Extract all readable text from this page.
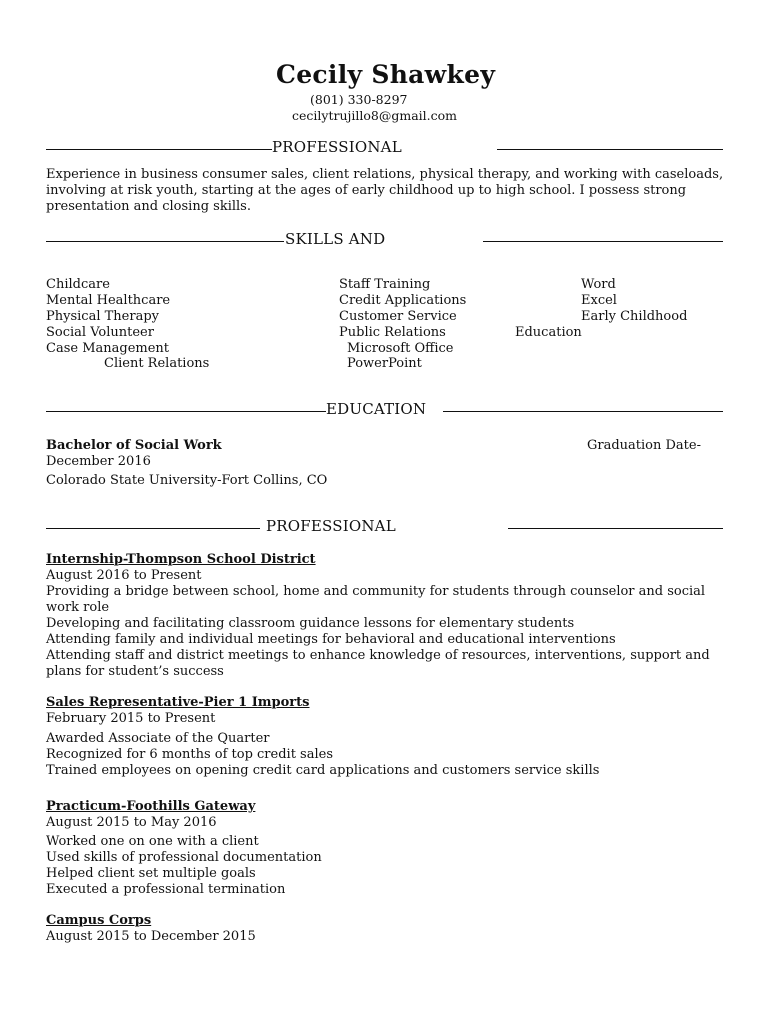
Cecily Shawkey
(801) 330-8297
cecilytrujillo8@gmail.com
PROFESSIONAL
Experience in business consumer sales, client relations, physical therapy, and working with caseloads, involving at risk youth, starting at the ages of early childhood up to high school. I possess strong presentation and closing skills.
SKILLS AND
Childcare
Mental Healthcare
Physical Therapy
Social Volunteer
Case Management
Client Relations
Staff Training
Credit Applications
Customer Service
Public Relations
Microsoft Office
PowerPoint
Word
Excel
Early Childhood
Education
EDUCATION
Bachelor of Social Work	Graduation Date-
December 2016
Colorado State University-Fort Collins, CO
PROFESSIONAL
Internship-Thompson School District
August 2016 to Present
Providing a bridge between school, home and community for students through counselor and social work role
Developing and facilitating classroom guidance lessons for elementary students
Attending family and individual meetings for behavioral and educational interventions
Attending staff and district meetings to enhance knowledge of resources, interventions, support and plans for student’s success
Sales Representative-Pier 1 Imports
February 2015 to Present
Awarded Associate of the Quarter
Recognized for 6 months of top credit sales
Trained employees on opening credit card applications and customers service skills
Practicum-Foothills Gateway
August 2015 to May 2016
Worked one on one with a client
Used skills of professional documentation
Helped client set multiple goals
Executed a professional termination
Campus Corps
August 2015 to December 2015
